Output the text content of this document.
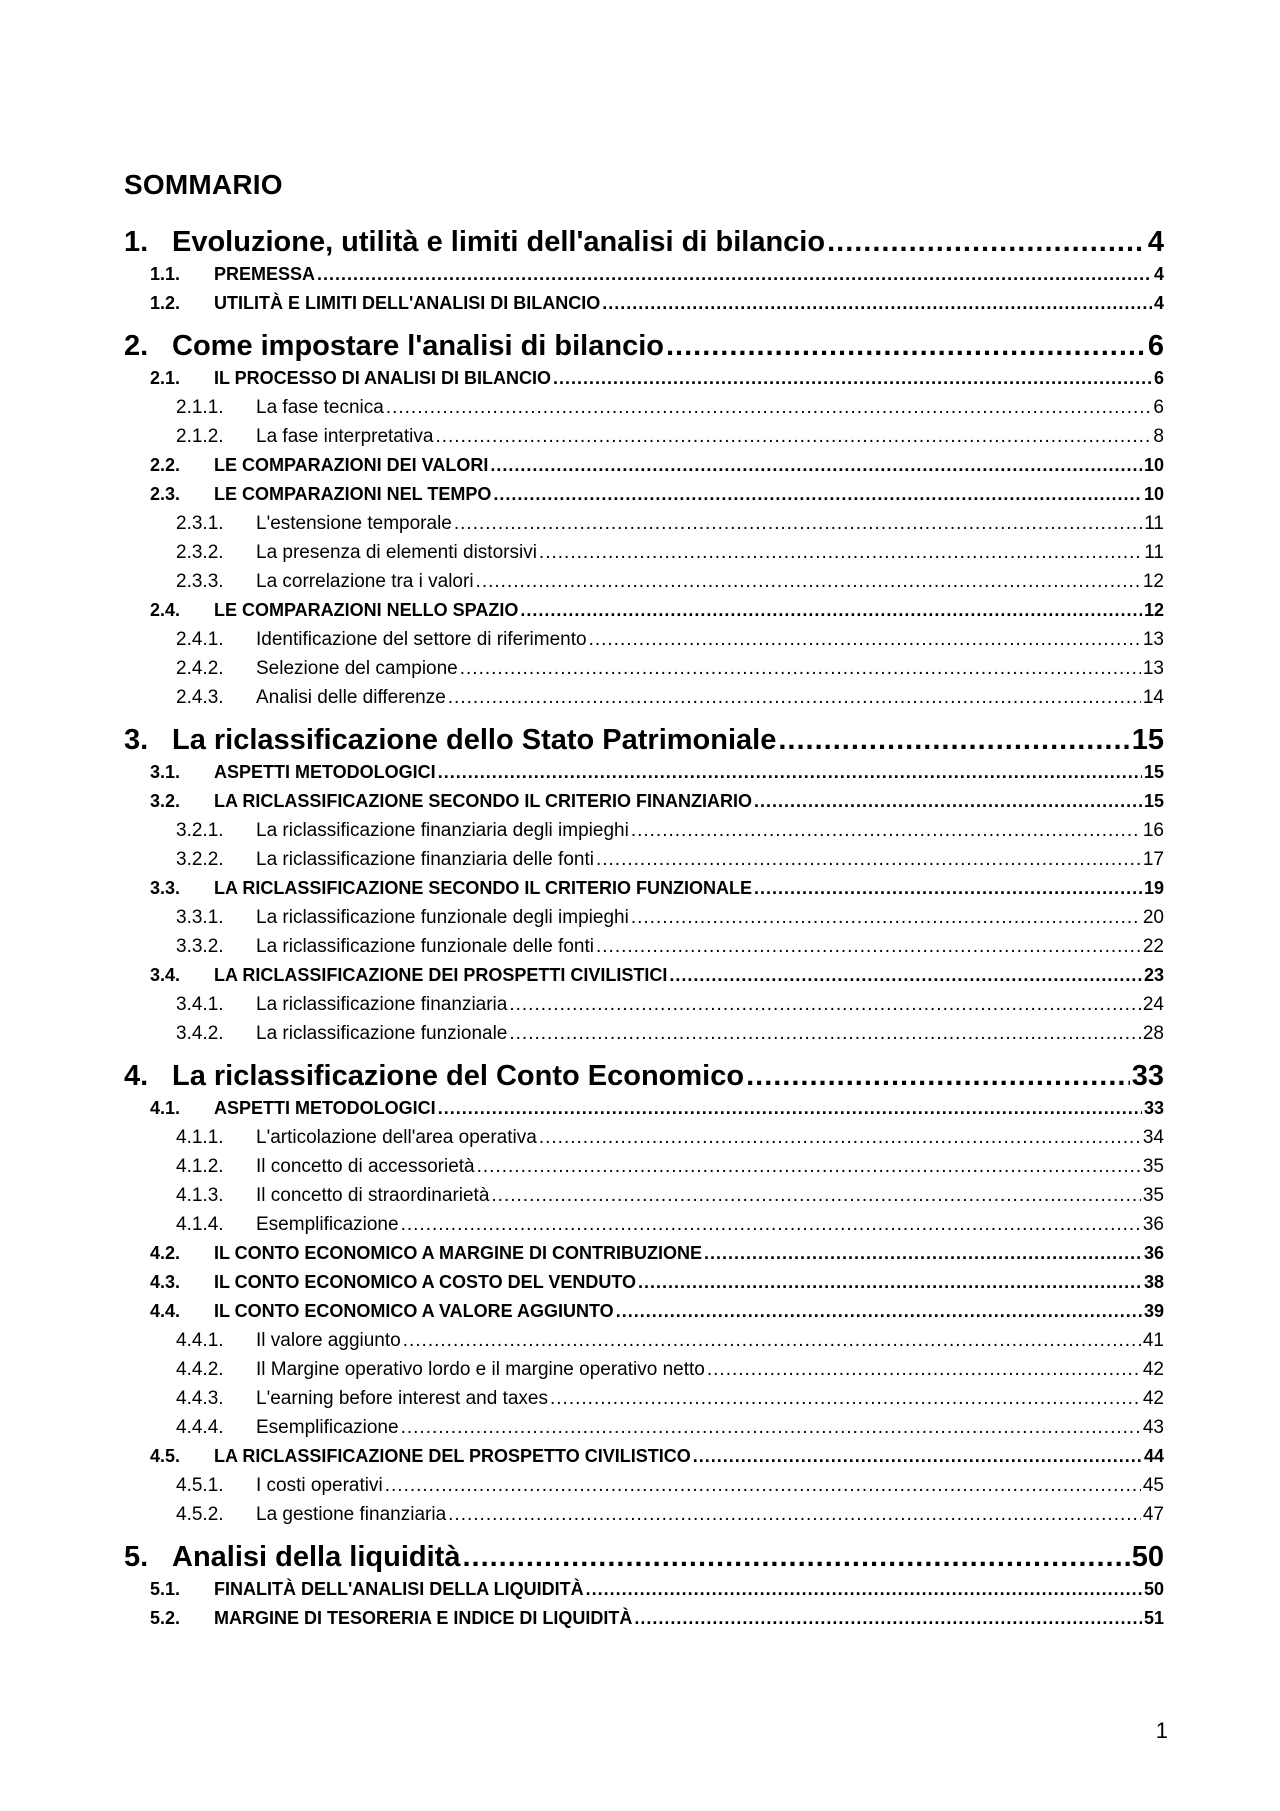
SOMMARIO
1. Evoluzione, utilità e limiti dell'analisi di bilancio .....	4
1.1.	PREMESSA .....	4
1.2.	UTILITÀ E LIMITI DELL'ANALISI DI BILANCIO .....	4
2. Come impostare l'analisi di bilancio .....	6
2.1.	IL PROCESSO DI ANALISI DI BILANCIO .....	6
2.1.1.	La fase tecnica .....	6
2.1.2.	La fase interpretativa .....	8
2.2.	LE COMPARAZIONI DEI VALORI .....	10
2.3.	LE COMPARAZIONI NEL TEMPO .....	10
2.3.1.	L'estensione temporale .....	11
2.3.2.	La presenza di elementi distorsivi .....	11
2.3.3.	La correlazione tra i valori .....	12
2.4.	LE COMPARAZIONI NELLO SPAZIO .....	12
2.4.1.	Identificazione del settore di riferimento .....	13
2.4.2.	Selezione del campione .....	13
2.4.3.	Analisi delle differenze .....	14
3. La riclassificazione dello Stato Patrimoniale .....	15
3.1.	ASPETTI METODOLOGICI .....	15
3.2.	LA RICLASSIFICAZIONE SECONDO IL CRITERIO FINANZIARIO .....	15
3.2.1.	La riclassificazione finanziaria degli impieghi .....	16
3.2.2.	La riclassificazione finanziaria delle fonti .....	17
3.3.	LA RICLASSIFICAZIONE SECONDO IL CRITERIO FUNZIONALE .....	19
3.3.1.	La riclassificazione funzionale degli impieghi .....	20
3.3.2.	La riclassificazione funzionale delle fonti .....	22
3.4.	LA RICLASSIFICAZIONE DEI PROSPETTI CIVILISTICI .....	23
3.4.1.	La riclassificazione finanziaria .....	24
3.4.2.	La riclassificazione funzionale .....	28
4. La riclassificazione del Conto Economico .....	33
4.1.	ASPETTI METODOLOGICI .....	33
4.1.1.	L'articolazione dell'area operativa .....	34
4.1.2.	Il concetto di accessorietà .....	35
4.1.3.	Il concetto di straordinarietà .....	35
4.1.4.	Esemplificazione .....	36
4.2.	IL CONTO ECONOMICO A MARGINE DI CONTRIBUZIONE .....	36
4.3.	IL CONTO ECONOMICO A COSTO DEL VENDUTO .....	38
4.4.	IL CONTO ECONOMICO A VALORE AGGIUNTO .....	39
4.4.1.	Il valore aggiunto .....	41
4.4.2.	Il Margine operativo lordo e il margine operativo netto .....	42
4.4.3.	L'earning before interest and taxes .....	42
4.4.4.	Esemplificazione .....	43
4.5.	LA RICLASSIFICAZIONE DEL PROSPETTO CIVILISTICO .....	44
4.5.1.	I costi operativi .....	45
4.5.2.	La gestione finanziaria .....	47
5. Analisi della liquidità .....	50
5.1.	FINALITÀ DELL'ANALISI DELLA LIQUIDITÀ .....	50
5.2.	MARGINE DI TESORERIA E INDICE DI LIQUIDITÀ .....	51
1
